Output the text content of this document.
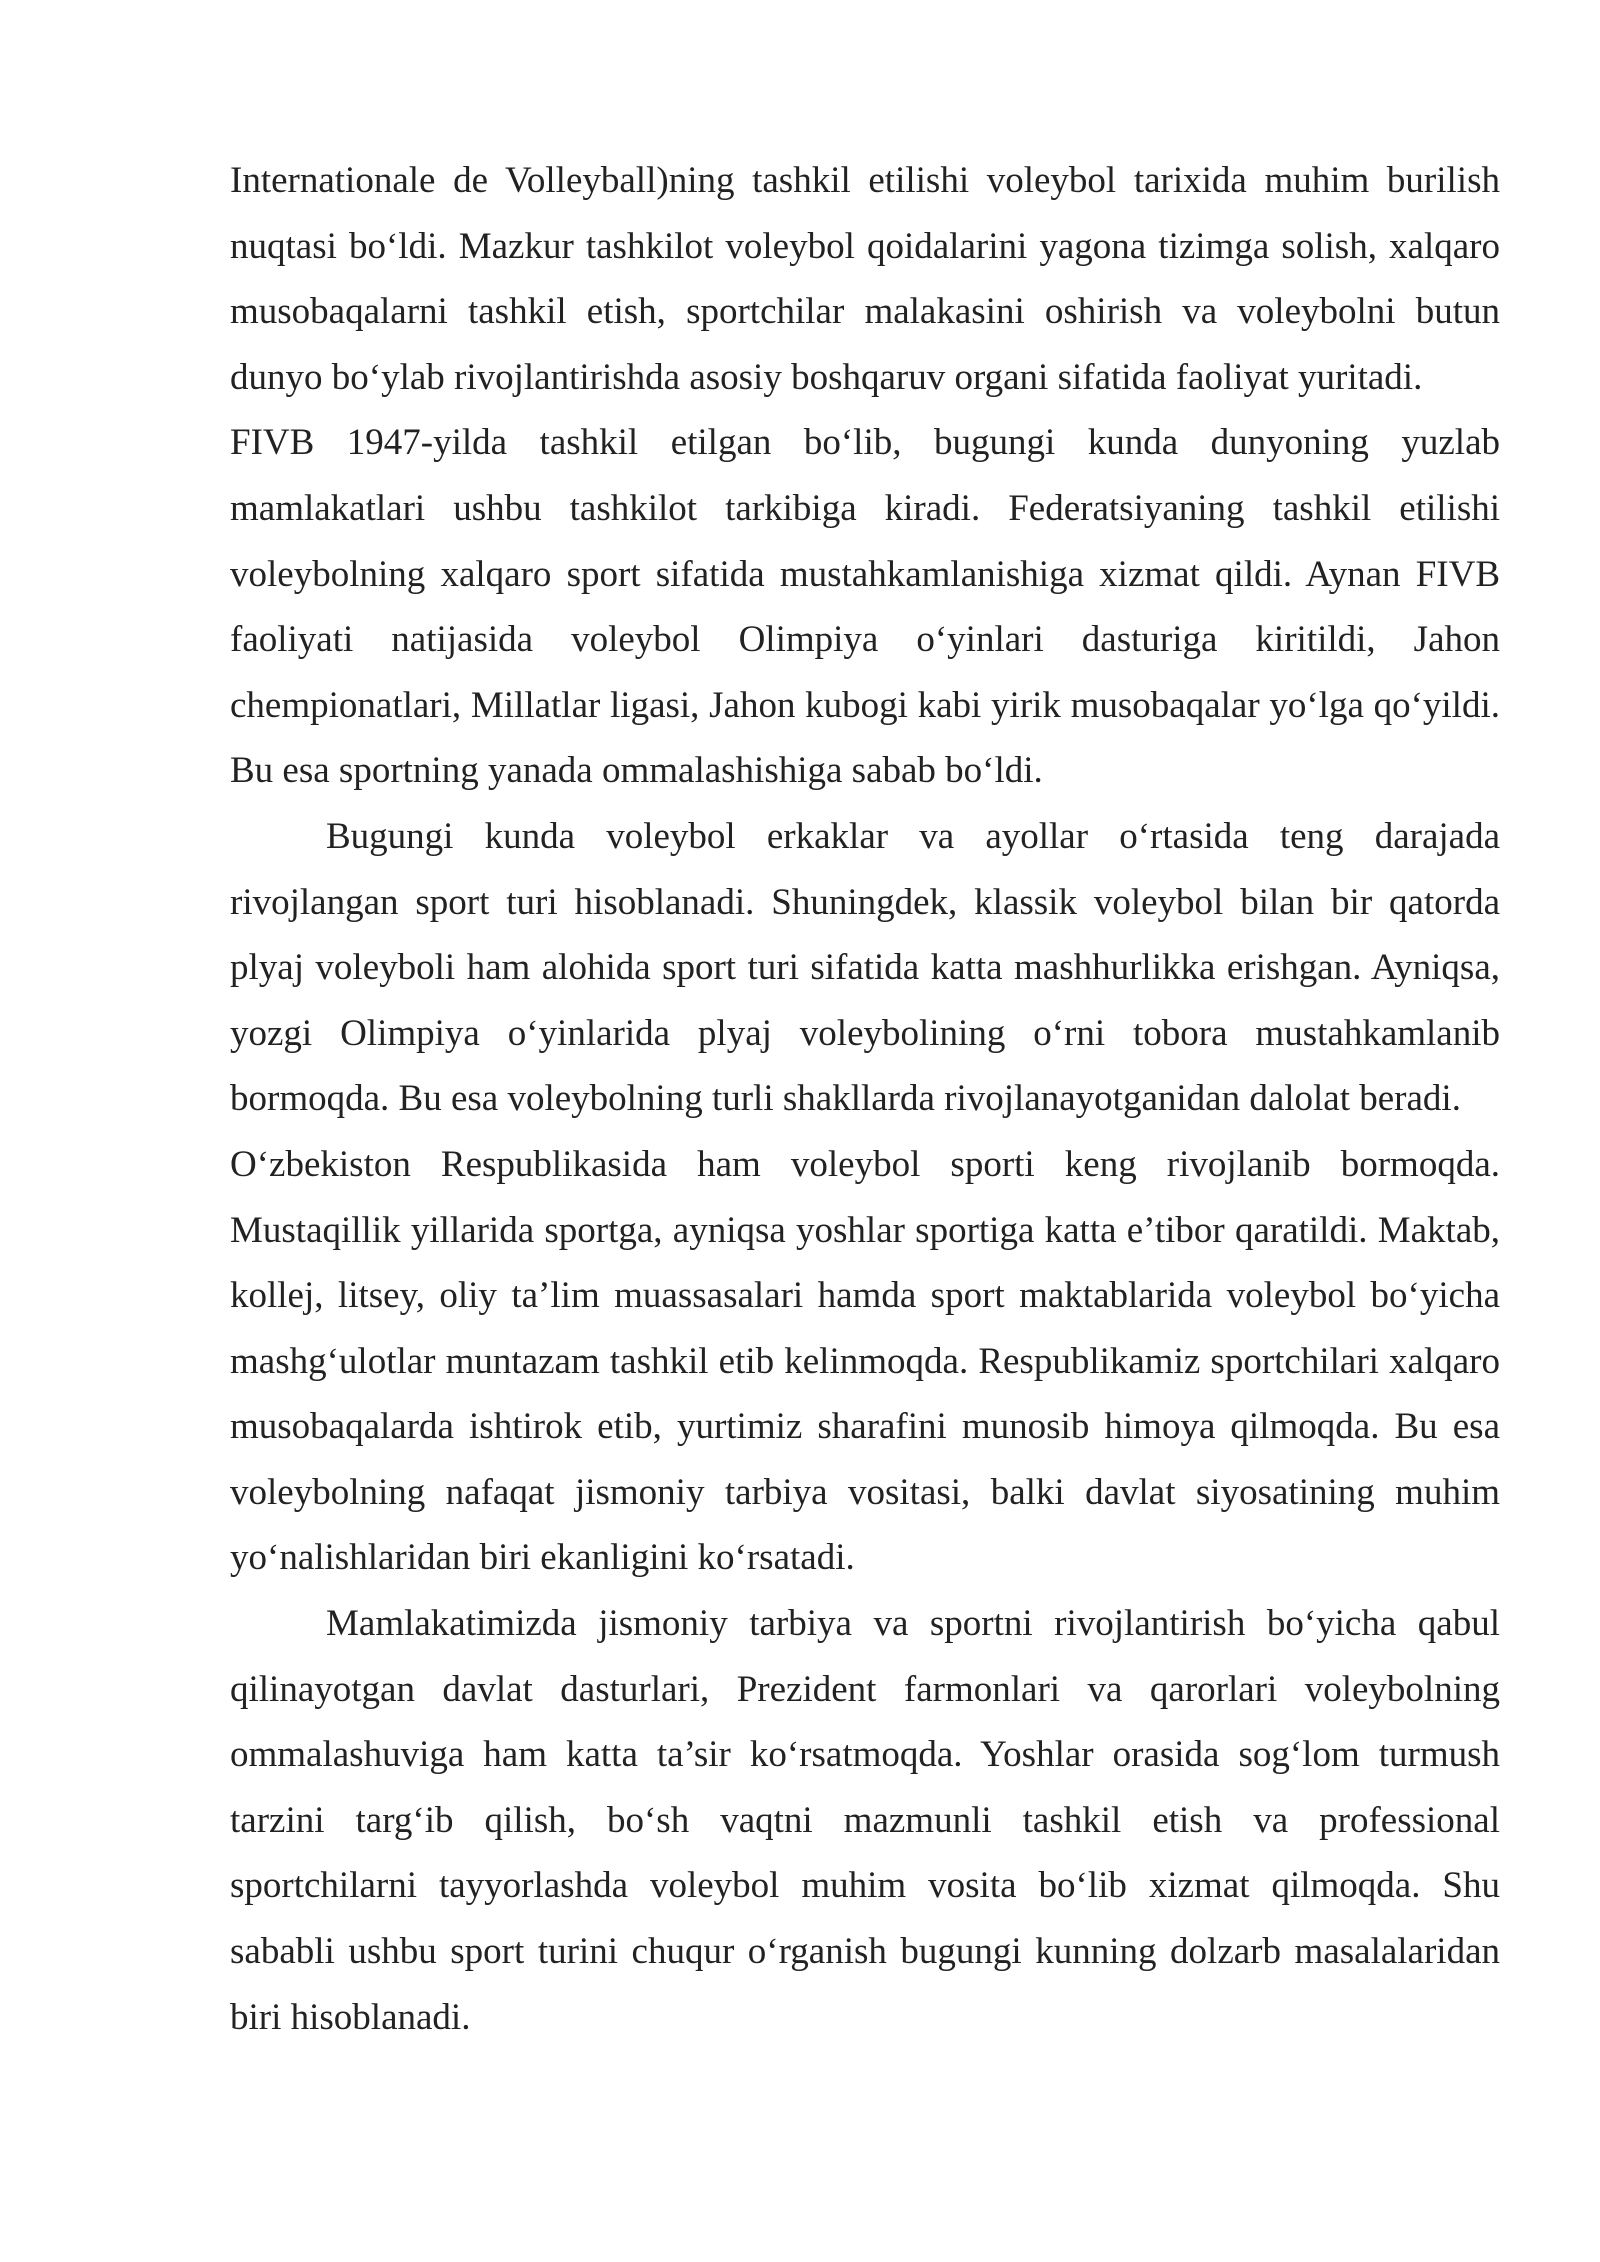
Internationale de Volleyball)ning tashkil etilishi voleybol tarixida muhim burilish nuqtasi bo‘ldi. Mazkur tashkilot voleybol qoidalarini yagona tizimga solish, xalqaro musobaqalarni tashkil etish, sportchilar malakasini oshirish va voleybolni butun dunyo bo‘ylab rivojlantirishda asosiy boshqaruv organi sifatida faoliyat yuritadi.

FIVB 1947-yilda tashkil etilgan bo‘lib, bugungi kunda dunyoning yuzlab mamlakatlari ushbu tashkilot tarkibiga kiradi. Federatsiyaning tashkil etilishi voleybolning xalqaro sport sifatida mustahkamlanishiga xizmat qildi. Aynan FIVB faoliyati natijasida voleybol Olimpiya o‘yinlari dasturiga kiritildi, Jahon chempionatlari, Millatlar ligasi, Jahon kubogi kabi yirik musobaqalar yo‘lga qo‘yildi. Bu esa sportning yanada ommalashishiga sabab bo‘ldi.

Bugungi kunda voleybol erkaklar va ayollar o‘rtasida teng darajada rivojlangan sport turi hisoblanadi. Shuningdek, klassik voleybol bilan bir qatorda plyaj voleyboli ham alohida sport turi sifatida katta mashhurlikka erishgan. Ayniqsa, yozgi Olimpiya o‘yinlarida plyaj voleybolining o‘rni tobora mustahkamlanib bormoqda. Bu esa voleybolning turli shakllarda rivojlanayotganidan dalolat beradi.

O‘zbekiston Respublikasida ham voleybol sporti keng rivojlanib bormoqda. Mustaqillik yillarida sportga, ayniqsa yoshlar sportiga katta e’tibor qaratildi. Maktab, kollej, litsey, oliy ta’lim muassasalari hamda sport maktablarida voleybol bo‘yicha mashg‘ulotlar muntazam tashkil etib kelinmoqda. Respublikamiz sportchilari xalqaro musobaqalarda ishtirok etib, yurtimiz sharafini munosib himoya qilmoqda. Bu esa voleybolning nafaqat jismoniy tarbiya vositasi, balki davlat siyosatining muhim yo‘nalishlaridan biri ekanligini ko‘rsatadi.

Mamlakatimizda jismoniy tarbiya va sportni rivojlantirish bo‘yicha qabul qilinayotgan davlat dasturlari, Prezident farmonlari va qarorlari voleybolning ommalashuviga ham katta ta’sir ko‘rsatmoqda. Yoshlar orasida sog‘lom turmush tarzini targ‘ib qilish, bo‘sh vaqtni mazmunli tashkil etish va professional sportchilarni tayyorlashda voleybol muhim vosita bo‘lib xizmat qilmoqda. Shu sababli ushbu sport turini chuqur o‘rganish bugungi kunning dolzarb masalalaridan biri hisoblanadi.
